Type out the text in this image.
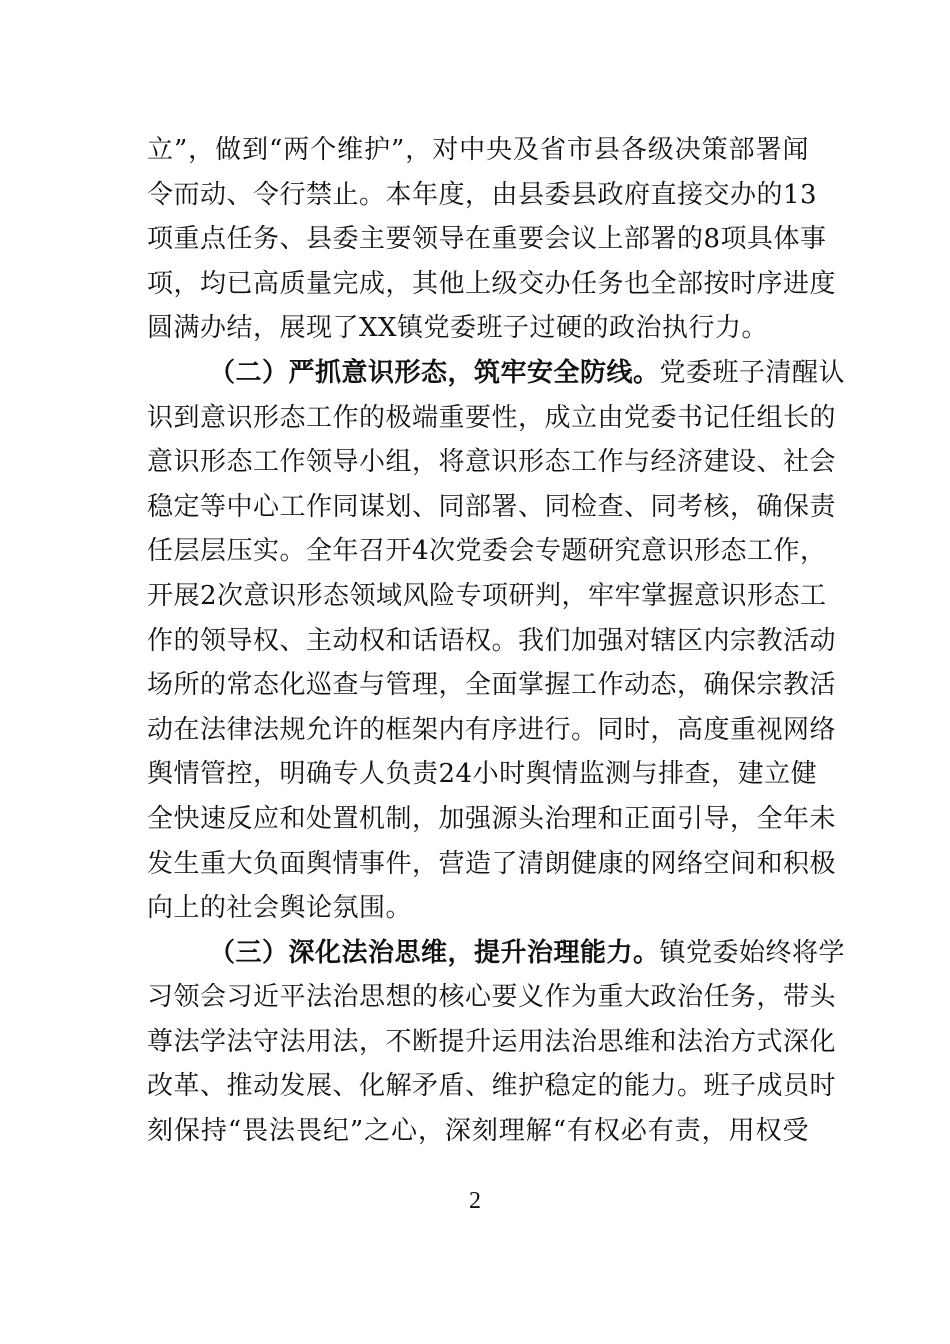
立”，做到“两个维护”，对中央及省市县各级决策部署闻
令而动、令行禁止。本年度，由县委县政府直接交办的13
项重点任务、县委主要领导在重要会议上部署的8项具体事
项，均已高质量完成，其他上级交办任务也全部按时序进度
圆满办结，展现了XX镇党委班子过硬的政治执行力。
（二）严抓意识形态，筑牢安全防线。党委班子清醒认
识到意识形态工作的极端重要性，成立由党委书记任组长的
意识形态工作领导小组，将意识形态工作与经济建设、社会
稳定等中心工作同谋划、同部署、同检查、同考核，确保责
任层层压实。全年召开4次党委会专题研究意识形态工作，
开展2次意识形态领域风险专项研判，牢牢掌握意识形态工
作的领导权、主动权和话语权。我们加强对辖区内宗教活动
场所的常态化巡查与管理，全面掌握工作动态，确保宗教活
动在法律法规允许的框架内有序进行。同时，高度重视网络
舆情管控，明确专人负责24小时舆情监测与排查，建立健
全快速反应和处置机制，加强源头治理和正面引导，全年未
发生重大负面舆情事件，营造了清朗健康的网络空间和积极
向上的社会舆论氛围。
（三）深化法治思维，提升治理能力。镇党委始终将学
习领会习近平法治思想的核心要义作为重大政治任务，带头
尊法学法守法用法，不断提升运用法治思维和法治方式深化
改革、推动发展、化解矛盾、维护稳定的能力。班子成员时
刻保持“畏法畏纪”之心，深刻理解“有权必有责，用权受
2
